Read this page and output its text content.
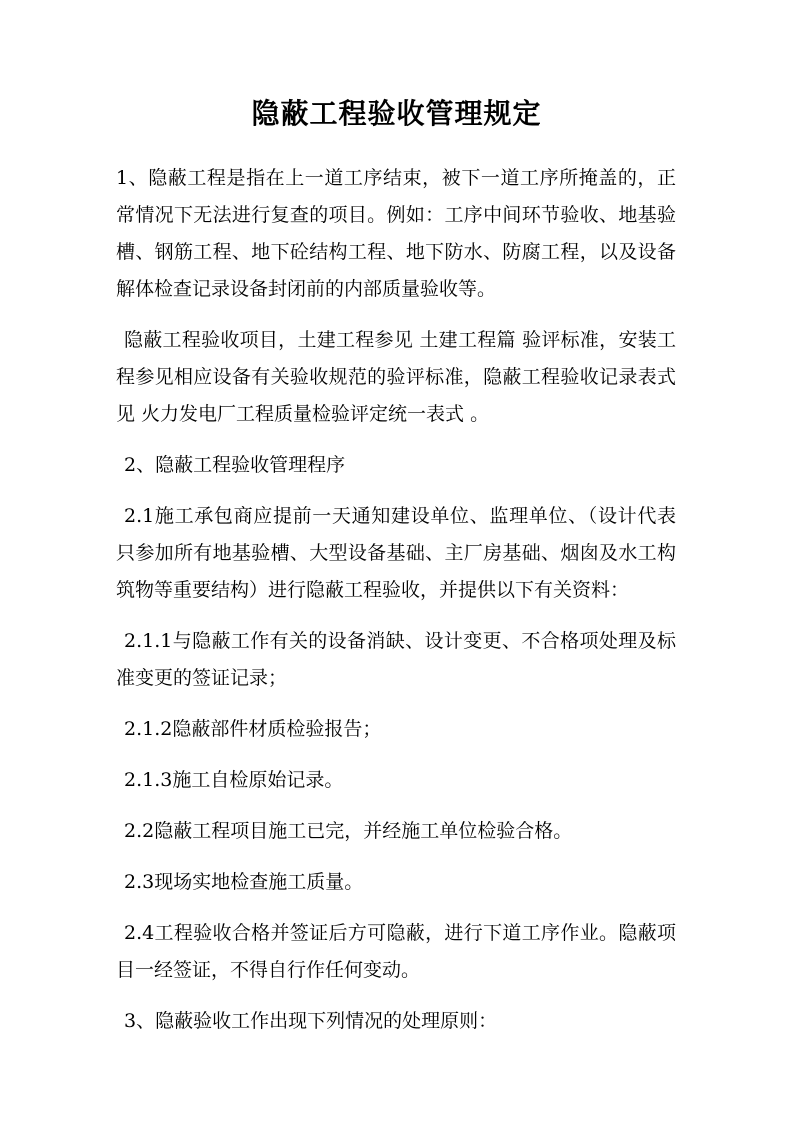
隐蔽工程验收管理规定

1、隐蔽工程是指在上一道工序结束，被下一道工序所掩盖的，正常情况下无法进行复查的项目。例如：工序中间环节验收、地基验槽、钢筋工程、地下砼结构工程、地下防水、防腐工程，以及设备解体检查记录设备封闭前的内部质量验收等。

隐蔽工程验收项目，土建工程参见 土建工程篇 验评标准，安装工程参见相应设备有关验收规范的验评标准，隐蔽工程验收记录表式见 火力发电厂工程质量检验评定统一表式 。

2、隐蔽工程验收管理程序

2.1施工承包商应提前一天通知建设单位、监理单位、（设计代表只参加所有地基验槽、大型设备基础、主厂房基础、烟囱及水工构筑物等重要结构）进行隐蔽工程验收，并提供以下有关资料：

2.1.1与隐蔽工作有关的设备消缺、设计变更、不合格项处理及标准变更的签证记录；

2.1.2隐蔽部件材质检验报告；

2.1.3施工自检原始记录。

2.2隐蔽工程项目施工已完，并经施工单位检验合格。

2.3现场实地检查施工质量。

2.4工程验收合格并签证后方可隐蔽，进行下道工序作业。隐蔽项目一经签证，不得自行作任何变动。

3、隐蔽验收工作出现下列情况的处理原则：
